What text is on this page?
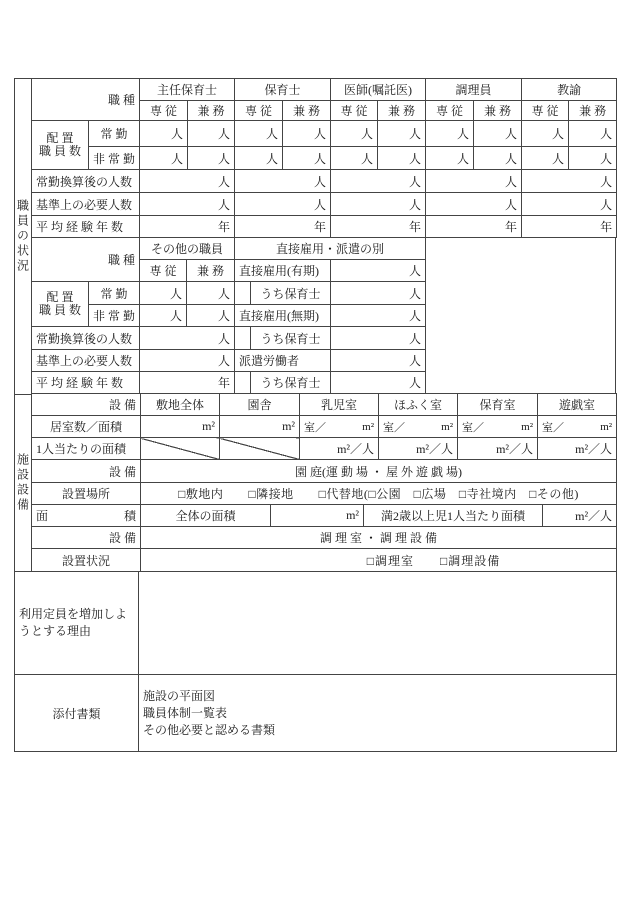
職員の状況
施設設備
職 種		主任保育士		保育士		医師(嘱託医)		調理員		教諭	
		専 従	兼 務	専 従	兼 務	専 従	兼 務	専 従	兼 務	専 従	兼 務
配 置
職 員 数	常 勤	人	人	人	人	人	人	人	人	人	人
	非 常 勤	人	人	人	人	人	人	人	人	人	人
常勤換算後の人数		人		人		人		人		人	
基準上の必要人数		人		人		人		人		人	
平 均 経 験 年 数		年		年		年		年		年	
職 種		その他の職員		直接雇用・派遣の別			
		専 従	兼 務	直接雇用(有期)		人	
配 置
職 員 数	常 勤	人	人		うち保育士	人	
	非 常 勤	人	人	直接雇用(無期)		人	
常勤換算後の人数		人			うち保育士	人	
基準上の必要人数		人		派遣労働者		人	
平 均 経 験 年 数		年			うち保育士	人	
設 備	敷地全体	園舎		乳児室		ほふく室	保育室	遊戯室	
居室数／面積	m²	m²		室／ m²		室／ m²	室／ m²	室／ m²	

1人当たりの面積				m²／人		m²／人	m²／人	m²／人	
設 備	園 庭(運 動 場 ・ 屋 外 遊 戯 場)								
設置場所	□敷地内　　□隣接地　　□代替地(□公園　□広場　□寺社境内　□その他)								
面積	全体の面積		m²		満2歳以上児1人当たり面積				m²／人
設 備	調 理 室 ・ 調 理 設 備								
設置状況	□調理室　　□調理設備								
利用定員を増加しよ
うとする理由	
添付書類	施設の平面図
職員体制一覧表
その他必要と認める書類
